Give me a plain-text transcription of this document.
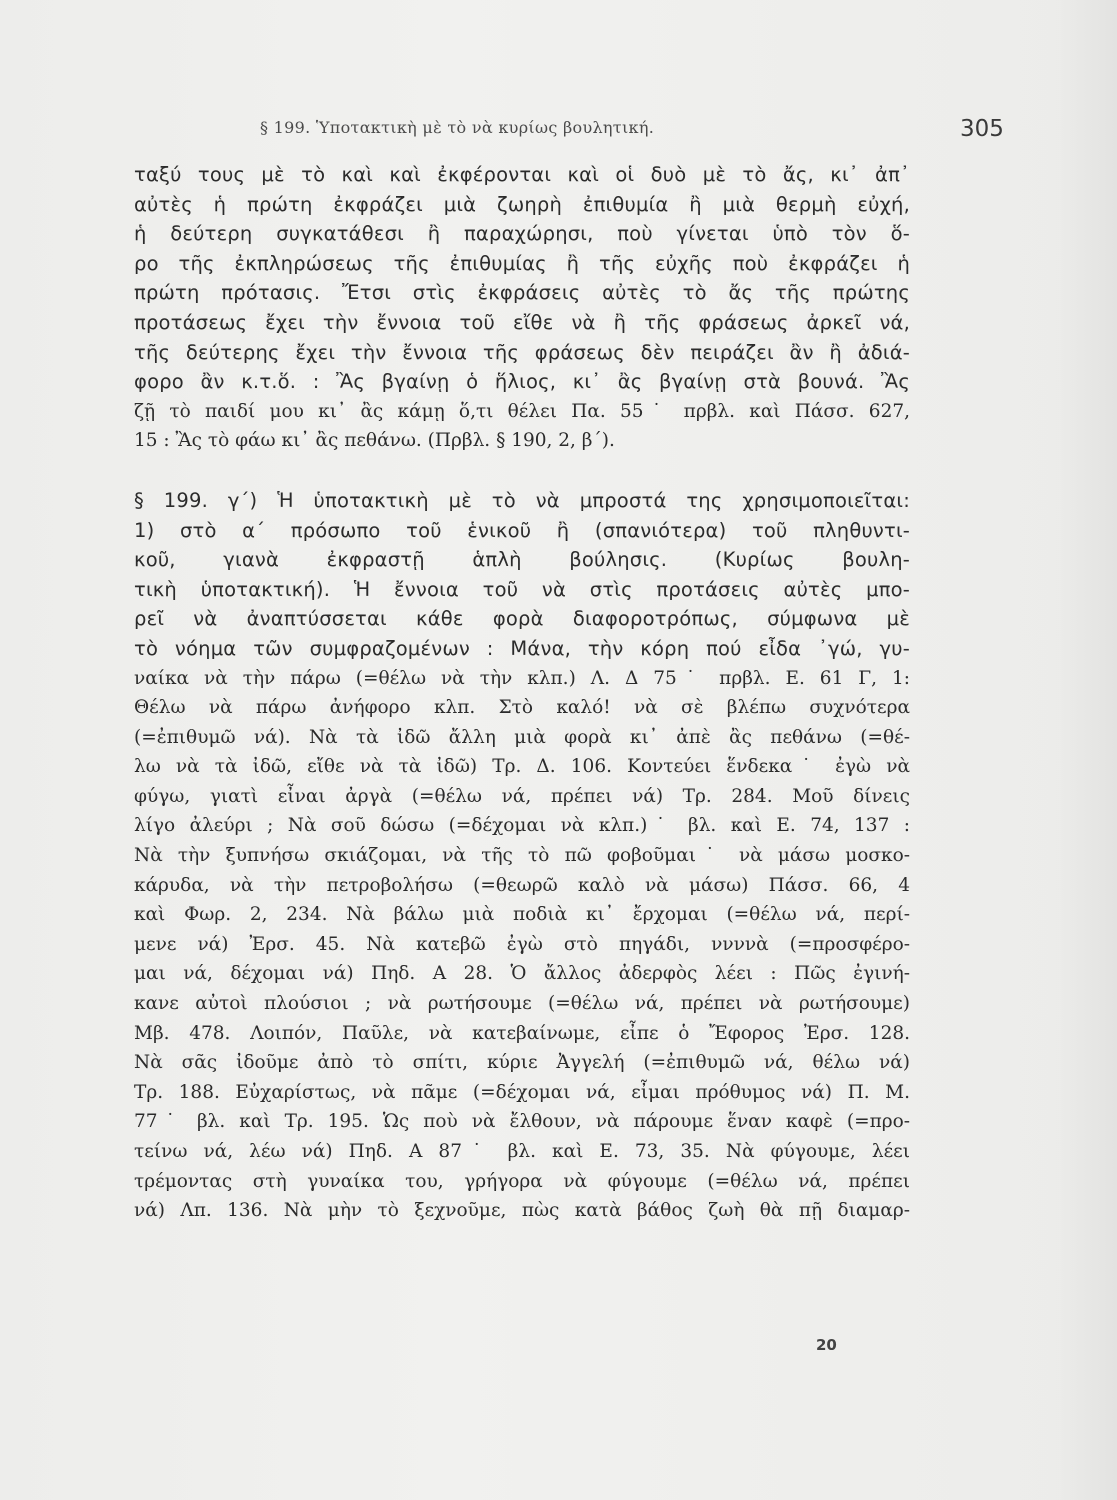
§ 199. Ὑποτακτικὴ μὲ τὸ νὰ κυρίως βουλητική.	305
ταξύ τους μὲ τὸ καὶ καὶ ἐκφέρονται καὶ οἱ δυὸ μὲ τὸ ἄς, κι᾽ ἀπ᾽
αὐτὲς ἡ πρώτη ἐκφράζει μιὰ ζωηρὴ ἐπιθυμία ἢ μιὰ θερμὴ εὐχή,
ἡ δεύτερη συγκατάθεσι ἢ παραχώρησι, ποὺ γίνεται ὑπὸ τὸν ὅ-
ρο τῆς ἐκπληρώσεως τῆς ἐπιθυμίας ἢ τῆς εὐχῆς ποὺ ἐκφράζει ἡ
πρώτη πρότασις. Ἔτσι στὶς ἐκφράσεις αὐτὲς τὸ ἄς τῆς πρώτης
προτάσεως ἔχει τὴν ἔννοια τοῦ εἴθε νὰ ἢ τῆς φράσεως ἀρκεῖ νά,
τῆς δεύτερης ἔχει τὴν ἔννοια τῆς φράσεως δὲν πειράζει ἂν ἢ ἀδιά-
φορο ἂν κ.τ.ὅ. : Ἂς βγαίνῃ ὁ ἥλιος, κι᾽ ἂς βγαίνῃ στὰ βουνά. Ἂς
ζῇ τὸ παιδί μου κι᾽ ἂς κάμῃ ὅ,τι θέλει Πα. 55˙ πρβλ. καὶ Πάσσ. 627,
15 : Ἂς τὸ φάω κι᾽ ἂς πεθάνω. (Πρβλ. § 190, 2, β΄).
§ 199. γ΄) Ἡ ὑποτακτικὴ μὲ τὸ νὰ μπροστά της χρησιμοποιεῖται:
1) στὸ α΄ πρόσωπο τοῦ ἑνικοῦ ἢ (σπανιότερα) τοῦ πληθυντι-
κοῦ, γιανὰ ἐκφραστῇ ἁπλὴ βούλησις. (Κυρίως βουλη-
τικὴ ὑποτακτική). Ἡ ἔννοια τοῦ νὰ στὶς προτάσεις αὐτὲς μπο-
ρεῖ νὰ ἀναπτύσσεται κάθε φορὰ διαφοροτρόπως, σύμφωνα μὲ
τὸ νόημα τῶν συμφραζομένων : Μάνα, τὴν κόρη πού εἶδα ᾽γώ, γυ-
ναίκα νὰ τὴν πάρω (=θέλω νὰ τὴν κλπ.) Λ. Δ 75˙ πρβλ. Ε. 61 Γ, 1:
Θέλω νὰ πάρω ἀνήφορο κλπ. Στὸ καλό! νὰ σὲ βλέπω συχνότερα
(=ἐπιθυμῶ νά). Νὰ τὰ ἰδῶ ἄλλη μιὰ φορὰ κι᾽ ἀπὲ ἂς πεθάνω (=θέ-
λω νὰ τὰ ἰδῶ, εἴθε νὰ τὰ ἰδῶ) Τρ. Δ. 106. Κοντεύει ἕνδεκα˙ ἐγὼ νὰ
φύγω, γιατὶ εἶναι ἀργὰ (=θέλω νά, πρέπει νά) Τρ. 284. Μοῦ δίνεις
λίγο ἀλεύρι ; Νὰ σοῦ δώσω (=δέχομαι νὰ κλπ.)˙ βλ. καὶ Ε. 74, 137 :
Νὰ τὴν ξυπνήσω σκιάζομαι, νὰ τῆς τὸ πῶ φοβοῦμαι˙ νὰ μάσω μοσκο-
κάρυδα, νὰ τὴν πετροβολήσω (=θεωρῶ καλὸ νὰ μάσω) Πάσσ. 66, 4
καὶ Φωρ. 2, 234. Νὰ βάλω μιὰ ποδιὰ κι᾽ ἔρχομαι (=θέλω νά, περί-
μενε νά) Ἐρσ. 45. Νὰ κατεβῶ ἐγὼ στὸ πηγάδι, ννννὰ (=προσφέρο-
μαι νά, δέχομαι νά) Πηδ. Α 28. Ὁ ἄλλος ἀδερφὸς λέει : Πῶς ἐγινή-
κανε αὐτοὶ πλούσιοι ; νὰ ρωτήσουμε (=θέλω νά, πρέπει νὰ ρωτήσουμε)
Μβ. 478. Λοιπόν, Παῦλε, νὰ κατεβαίνωμε, εἶπε ὁ Ἔφορος Ἐρσ. 128.
Νὰ σᾶς ἰδοῦμε ἀπὸ τὸ σπίτι, κύριε Ἀγγελή (=ἐπιθυμῶ νά, θέλω νά)
Τρ. 188. Εὐχαρίστως, νὰ πᾶμε (=δέχομαι νά, εἶμαι πρόθυμος νά) Π. Μ.
77˙ βλ. καὶ Τρ. 195. Ὡς ποὺ νὰ ἔλθουν, νὰ πάρουμε ἕναν καφὲ (=προ-
τείνω νά, λέω νά) Πηδ. Α 87˙ βλ. καὶ Ε. 73, 35. Νὰ φύγουμε, λέει
τρέμοντας στὴ γυναίκα του, γρήγορα νὰ φύγουμε (=θέλω νά, πρέπει
νά) Λπ. 136. Νὰ μὴν τὸ ξεχνοῦμε, πὼς κατὰ βάθος ζωὴ θὰ πῇ διαμαρ-
20
